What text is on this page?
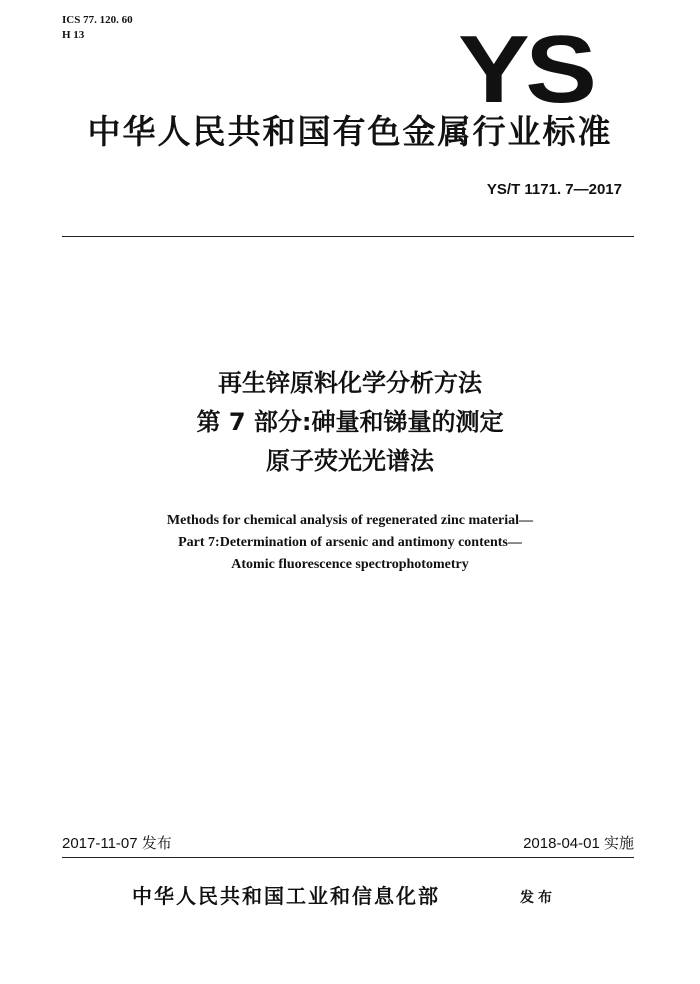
ICS 77. 120. 60
H 13	YS
中华人民共和国有色金属行业标准
YS/T 1171. 7—2017
再生锌原料化学分析方法
第 7 部分:砷量和锑量的测定
原子荧光光谱法
Methods for chemical analysis of regenerated zinc material—
Part 7:Determination of arsenic and antimony contents—
Atomic fluorescence spectrophotometry
2017-11-07 发布	2018-04-01 实施
中华人民共和国工业和信息化部	发布
